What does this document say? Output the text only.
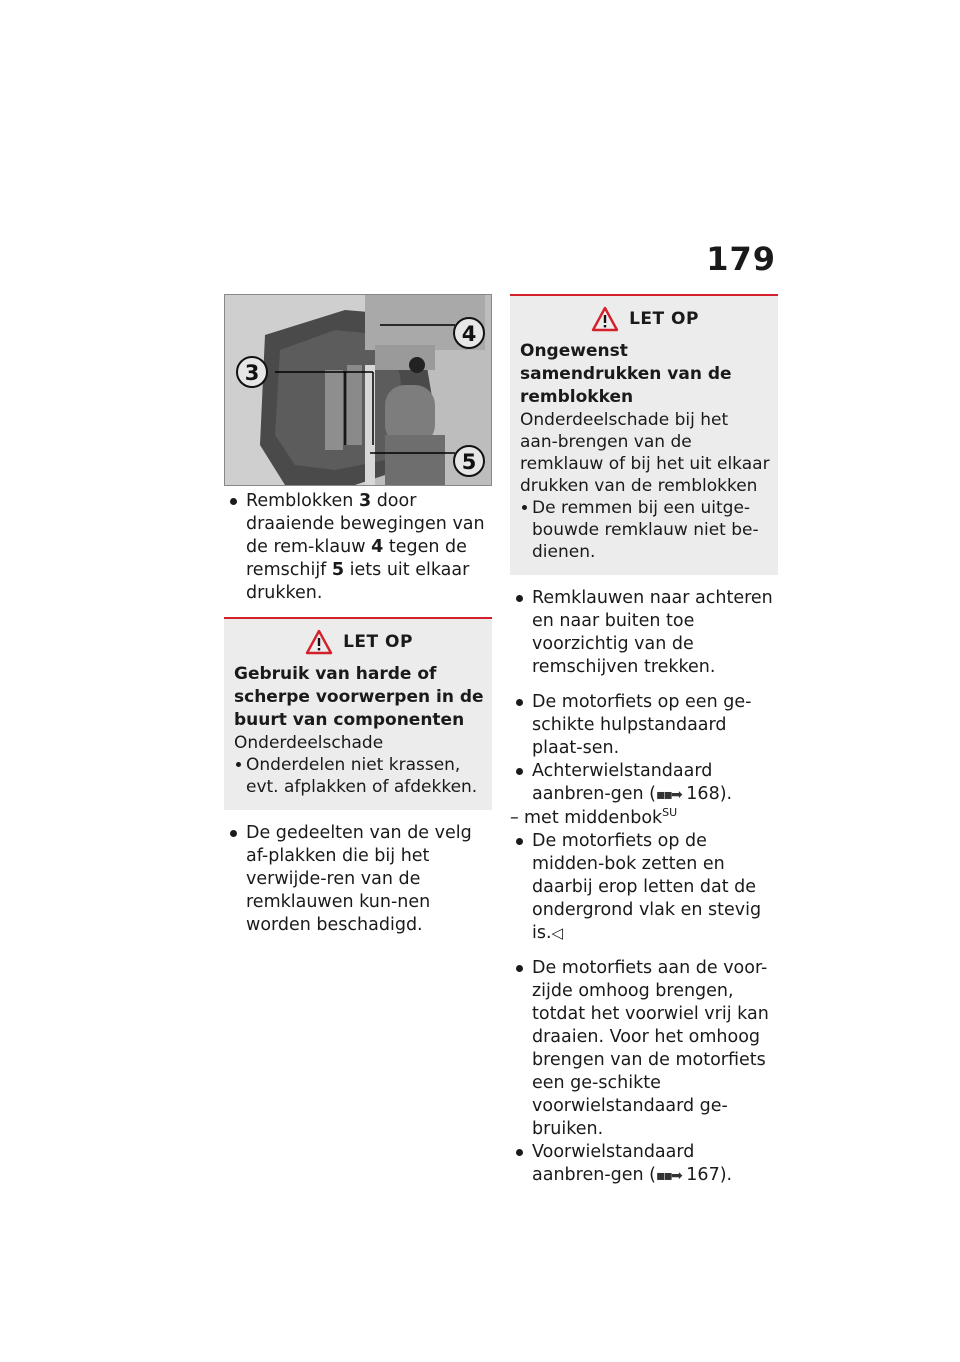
179
4
3
5

Remblokken 3 door draaiende bewegingen van de rem-klauw 4 tegen de remschijf 5 iets uit elkaar drukken.

LET OP
Gebruik van harde of scherpe voorwerpen in de buurt van componenten
Onderdeelschade
Onderdelen niet krassen, evt. afplakken of afdekken.

De gedeelten van de velg af-plakken die bij het verwijde-ren van de remklauwen kun-nen worden beschadigd.

LET OP
Ongewenst samendrukken van de remblokken
Onderdeelschade bij het aan-brengen van de remklauw of bij het uit elkaar drukken van de remblokken
De remmen bij een uitge-bouwde remklauw niet be-dienen.

Remklauwen naar achteren en naar buiten toe voorzichtig van de remschijven trekken.

De motorfiets op een ge-schikte hulpstandaard plaat-sen.

Achterwielstandaard aanbren-gen (▪▪➡ 168).

– met middenbok$^{SU}$

De motorfiets op de midden-bok zetten en daarbij erop letten dat de ondergrond vlak en stevig is.◁

De motorfiets aan de voor-zijde omhoog brengen, totdat het voorwiel vrij kan draaien. Voor het omhoog brengen van de motorfiets een ge-schikte voorwielstandaard ge-bruiken.

Voorwielstandaard aanbren-gen (▪▪➡ 167).
